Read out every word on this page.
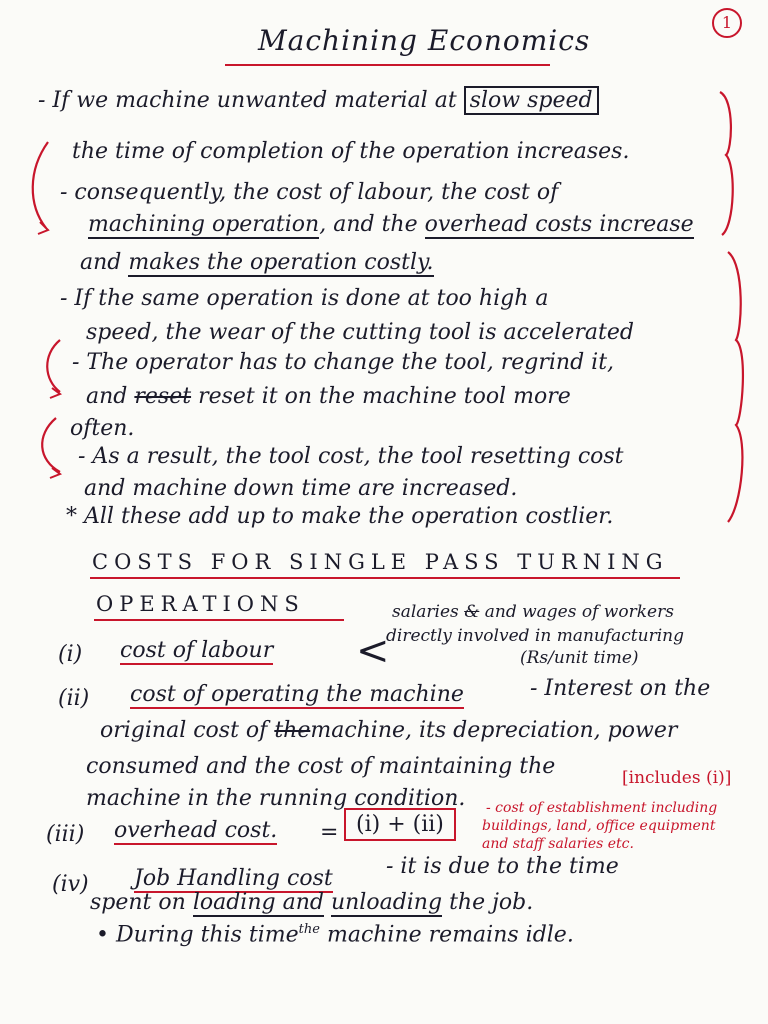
1
Machining Economics
- If we machine unwanted material at slow speed
the time of completion of the operation increases.
- consequently, the cost of labour, the cost of
machining operation, and the overhead costs increase
and makes the operation costly.
- If the same operation is done at too high a
speed, the wear of the cutting tool is accelerated
- The operator has to change the tool, regrind it,
and reset reset it on the machine tool more
often.
- As a result, the tool cost, the tool resetting cost
and machine down time are increased.
* All these add up to make the operation costlier.
COSTS FOR SINGLE PASS TURNING
OPERATIONS
(i) cost of labour <
salaries & and wages of workers
directly involved in manufacturing
(Rs/unit time)
(ii) cost of operating the machine	- Interest on the
original cost of themachine, its depreciation, power
consumed and the cost of maintaining the
machine in the running condition.
[includes (i)]
(iii) overhead cost. = (i) + (ii)
- cost of establishment including
buildings, land, office equipment
and staff salaries etc.
(iv) Job Handling cost - it is due to the time
spent on loading and unloading the job.
• During this time$^{the}$ machine remains idle.
